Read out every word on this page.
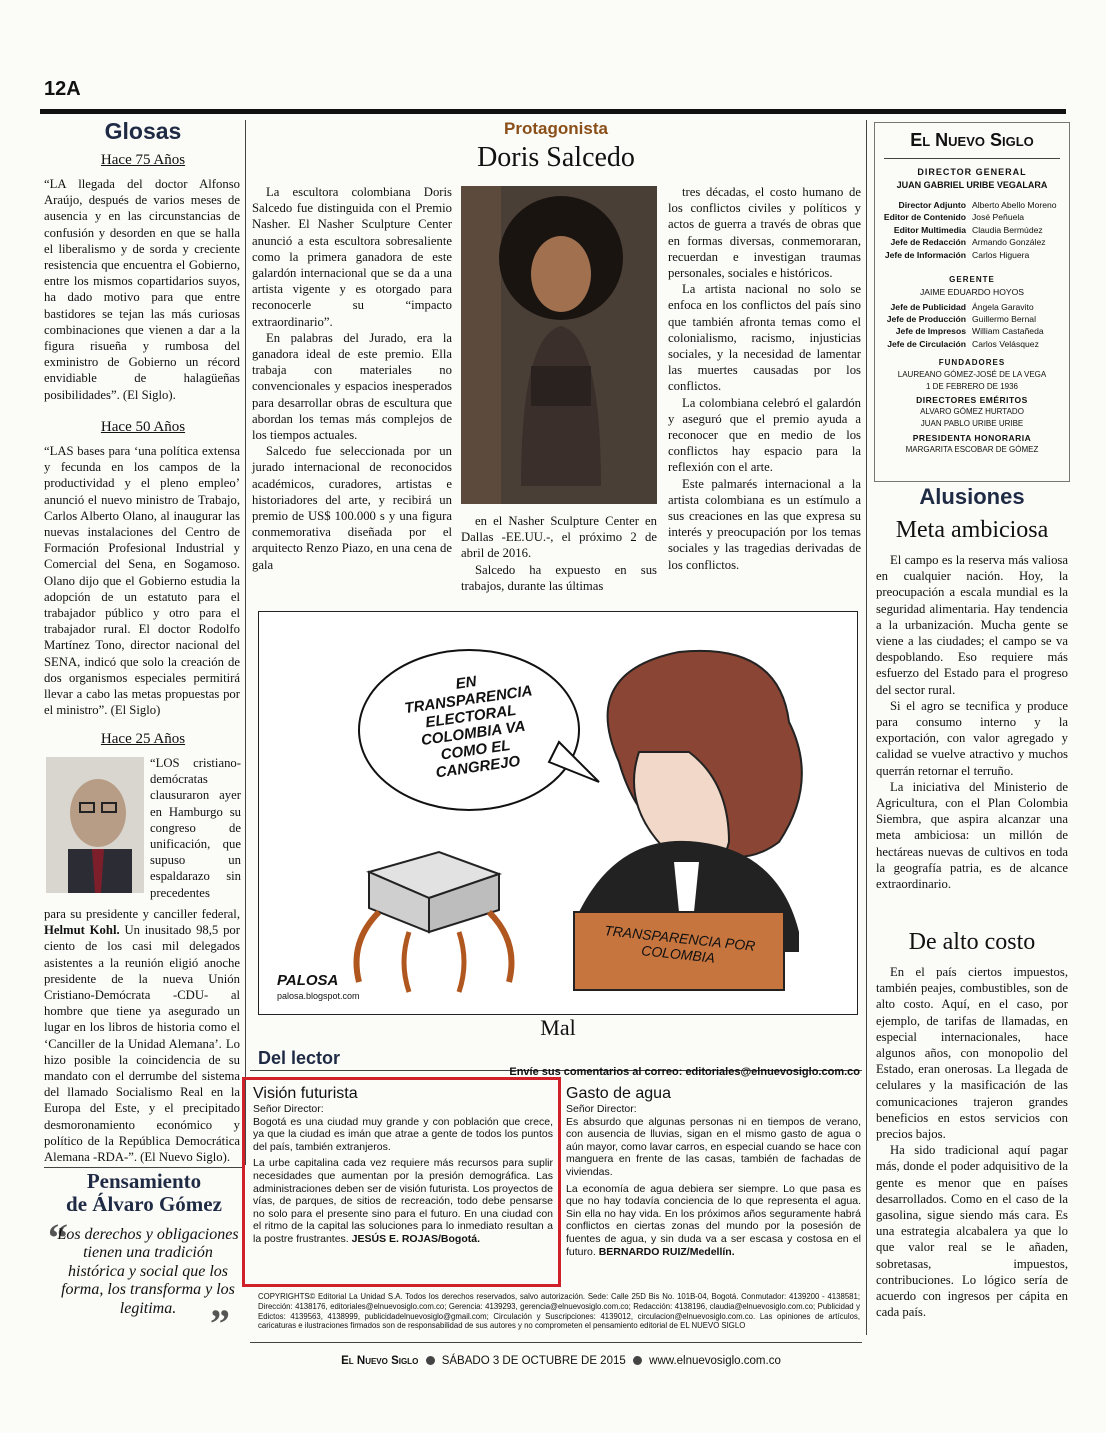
12A
Glosas
Hace 75 Años
“LA llegada del doctor Alfonso Araújo, después de varios meses de ausencia y en las circunstancias de confusión y desorden en que se halla el liberalismo y de sorda y creciente resistencia que encuentra el Gobierno, entre los mismos copartidarios suyos, ha dado motivo para que entre bastidores se tejan las más curiosas combinaciones que vienen a dar a la figura risueña y rumbosa del exministro de Gobierno un récord envidiable de halagüeñas posibilidades”. (El Siglo).
Hace 50 Años
“LAS bases para ‘una política extensa y fecunda en los campos de la productividad y el pleno empleo’ anunció el nuevo ministro de Trabajo, Carlos Alberto Olano, al inaugurar las nuevas instalaciones del Centro de Formación Profesional Industrial y Comercial del Sena, en Sogamoso. Olano dijo que el Gobierno estudia la adopción de un estatuto para el trabajador público y otro para el trabajador rural. El doctor Rodolfo Martínez Tono, director nacional del SENA, indicó que solo la creación de dos organismos especiales permitirá llevar a cabo las metas propuestas por el ministro”. (El Siglo)
Hace 25 Años
“LOS cristiano-demócratas clausuraron ayer en Hamburgo su congreso de unificación, que supuso un espaldarazo sin precedentes
para su presidente y canciller federal, Helmut Kohl. Un inusitado 98,5 por ciento de los casi mil delegados asistentes a la reunión eligió anoche presidente de la nueva Unión Cristiano-Demócrata -CDU- al hombre que tiene ya asegurado un lugar en los libros de historia como el ‘Canciller de la Unidad Alemana’. Lo hizo posible la coincidencia de su mandato con el derrumbe del sistema del llamado Socialismo Real en la Europa del Este, y el precipitado desmoronamiento económico y político de la República Democrática Alemana -RDA-”. (El Nuevo Siglo).
Pensamiento
de Álvaro Gómez
“
Los derechos y obligaciones tienen una tradición histórica y social que los forma, los transforma y los legitima. ”
Protagonista
Doris Salcedo

La escultora colombiana Doris Salcedo fue distinguida con el Premio Nasher. El Nasher Sculpture Center anunció a esta escultora sobresaliente como la primera ganadora de este galardón internacional que se da a una artista vigente y es otorgado para reconocerle su “impacto extraordinario”.

En palabras del Jurado, era la ganadora ideal de este premio. Ella trabaja con materiales no convencionales y espacios inesperados para desarrollar obras de escultura que abordan los temas más complejos de los tiempos actuales.

Salcedo fue seleccionada por un jurado internacional de reconocidos académicos, curadores, artistas e historiadores del arte, y recibirá un premio de US$ 100.000 s y una figura conmemorativa diseñada por el arquitecto Renzo Piazo, en una cena de gala

en el Nasher Sculpture Center en Dallas -EE.UU.-, el próximo 2 de abril de 2016.

Salcedo ha expuesto en sus trabajos, durante las últimas

tres décadas, el costo humano de los conflictos civiles y políticos y actos de guerra a través de obras que en formas diversas, conmemoraran, recuerdan e investigan traumas personales, sociales e históricos.

La artista nacional no solo se enfoca en los conflictos del país sino que también afronta temas como el colonialismo, racismo, injusticias sociales, y la necesidad de lamentar las muertes causadas por los conflictos.

La colombiana celebró el galardón y aseguró que el premio ayuda a reconocer que en medio de los conflictos hay espacio para la reflexión con el arte.

Este palmarés internacional a la artista colombiana es un estímulo a sus creaciones en las que expresa su interés y preocupación por los temas sociales y las tragedias derivadas de los conflictos.

EN TRANSPARENCIA ELECTORAL COLOMBIA VA COMO EL CANGREJO
TRANSPARENCIA POR COLOMBIA
PALOSA
palosa.blogspot.com
Mal
Del lector
Envíe sus comentarios al correo: editoriales@elnuevosiglo.com.co
Visión futurista
Señor Director:
Bogotá es una ciudad muy grande y con población que crece, ya que la ciudad es imán que atrae a gente de todos los puntos del país, también extranjeros.
La urbe capitalina cada vez requiere más recursos para suplir necesidades que aumentan por la presión demográfica. Las administraciones deben ser de visión futurista. Los proyectos de vías, de parques, de sitios de recreación, todo debe pensarse no solo para el presente sino para el futuro. En una ciudad con el ritmo de la capital las soluciones para lo inmediato resultan a la postre frustrantes. JESÚS E. ROJAS/Bogotá.
Gasto de agua
Señor Director:
Es absurdo que algunas personas ni en tiempos de verano, con ausencia de lluvias, sigan en el mismo gasto de agua o aún mayor, como lavar carros, en especial cuando se hace con manguera en frente de las casas, también de fachadas de viviendas.
La economía de agua debiera ser siempre. Lo que pasa es que no hay todavía conciencia de lo que representa el agua. Sin ella no hay vida. En los próximos años seguramente habrá conflictos en ciertas zonas del mundo por la posesión de fuentes de agua, y sin duda va a ser escasa y costosa en el futuro. BERNARDO RUIZ/Medellín.
COPYRIGHTS© Editorial La Unidad S.A. Todos los derechos reservados, salvo autorización. Sede: Calle 25D Bis No. 101B-04, Bogotá. Conmutador: 4139200 - 4138581; Dirección: 4138176, editoriales@elnuevosiglo.com.co; Gerencia: 4139293, gerencia@elnuevosiglo.com.co; Redacción: 4138196, claudia@elnuevosiglo.com.co; Publicidad y Edictos: 4139563, 4138999, publicidadelnuevosiglo@gmail.com; Circulación y Suscripciones: 4139012, circulacion@elnuevosiglo.com.co. Las opiniones de artículos, caricaturas e ilustraciones firmados son de responsabilidad de sus autores y no comprometen el pensamiento editorial de EL NUEVO SIGLO
El Nuevo Siglo
DIRECTOR GENERAL
JUAN GABRIEL URIBE VEGALARA
Director Adjunto Alberto Abello Moreno
Editor de Contenido José Peñuela
Editor Multimedia Claudia Bermúdez
Jefe de Redacción Armando González
Jefe de Información Carlos Higuera
GERENTE
JAIME EDUARDO HOYOS
Jefe de Publicidad Ángela Garavito
Jefe de Producción Guillermo Bernal
Jefe de Impresos William Castañeda
Jefe de Circulación Carlos Velásquez
FUNDADORES
LAUREANO GÓMEZ-JOSÉ DE LA VEGA
1 DE FEBRERO DE 1936
DIRECTORES EMÉRITOS
ALVARO GÓMEZ HURTADO
JUAN PABLO URIBE URIBE
PRESIDENTA HONORARIA
MARGARITA ESCOBAR DE GÓMEZ
Alusiones
Meta ambiciosa

El campo es la reserva más valiosa en cualquier nación. Hoy, la preocupación a escala mundial es la seguridad alimentaria. Hay tendencia a la urbanización. Mucha gente se viene a las ciudades; el campo se va despoblando. Eso requiere más esfuerzo del Estado para el progreso del sector rural.

Si el agro se tecnifica y produce para consumo interno y la exportación, con valor agregado y calidad se vuelve atractivo y muchos querrán retornar el terruño.

La iniciativa del Ministerio de Agricultura, con el Plan Colombia Siembra, que aspira alcanzar una meta ambiciosa: un millón de hectáreas nuevas de cultivos en toda la geografía patria, es de alcance extraordinario.

De alto costo

En el país ciertos impuestos, también peajes, combustibles, son de alto costo. Aquí, en el caso, por ejemplo, de tarifas de llamadas, en especial internacionales, hace algunos años, con monopolio del Estado, eran onerosas. La llegada de celulares y la masificación de las comunicaciones trajeron grandes beneficios en estos servicios con precios bajos.

Ha sido tradicional aquí pagar más, donde el poder adquisitivo de la gente es menor que en países desarrollados. Como en el caso de la gasolina, sigue siendo más cara. Es una estrategia alcabalera ya que lo que valor real se le añaden, sobretasas, impuestos, contribuciones. Lo lógico sería de acuerdo con ingresos per cápita en cada país.

El Nuevo Siglo SÁBADO 3 DE OCTUBRE DE 2015 www.elnuevosiglo.com.co
